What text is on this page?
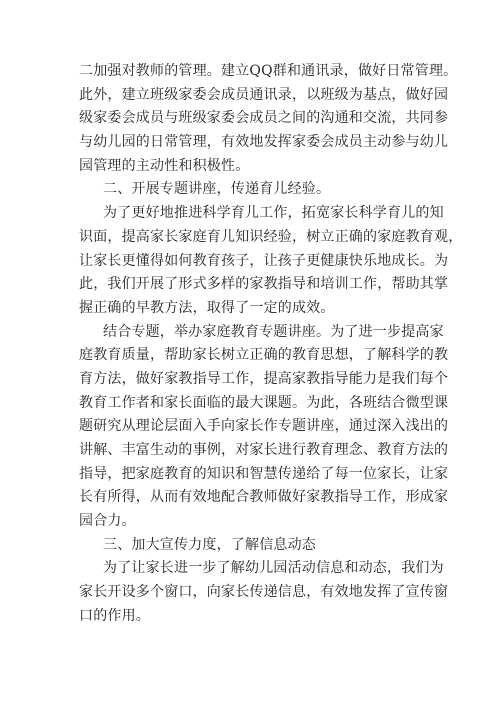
二加强对教师的管理。建立QQ群和通讯录，做好日常管理。
此外，建立班级家委会成员通讯录，以班级为基点，做好园
级家委会成员与班级家委会成员之间的沟通和交流，共同参
与幼儿园的日常管理，有效地发挥家委会成员主动参与幼儿
园管理的主动性和积极性。
二、开展专题讲座，传递育儿经验。
为了更好地推进科学育儿工作，拓宽家长科学育儿的知
识面，提高家长家庭育儿知识经验，树立正确的家庭教育观，
让家长更懂得如何教育孩子，让孩子更健康快乐地成长。为
此，我们开展了形式多样的家教指导和培训工作，帮助其掌
握正确的早教方法，取得了一定的成效。
结合专题，举办家庭教育专题讲座。为了进一步提高家
庭教育质量，帮助家长树立正确的教育思想，了解科学的教
育方法，做好家教指导工作，提高家教指导能力是我们每个
教育工作者和家长面临的最大课题。为此，各班结合微型课
题研究从理论层面入手向家长作专题讲座，通过深入浅出的
讲解、丰富生动的事例，对家长进行教育理念、教育方法的
指导，把家庭教育的知识和智慧传递给了每一位家长，让家
长有所得，从而有效地配合教师做好家教指导工作，形成家
园合力。
三、加大宣传力度，了解信息动态
为了让家长进一步了解幼儿园活动信息和动态，我们为
家长开设多个窗口，向家长传递信息，有效地发挥了宣传窗
口的作用。
